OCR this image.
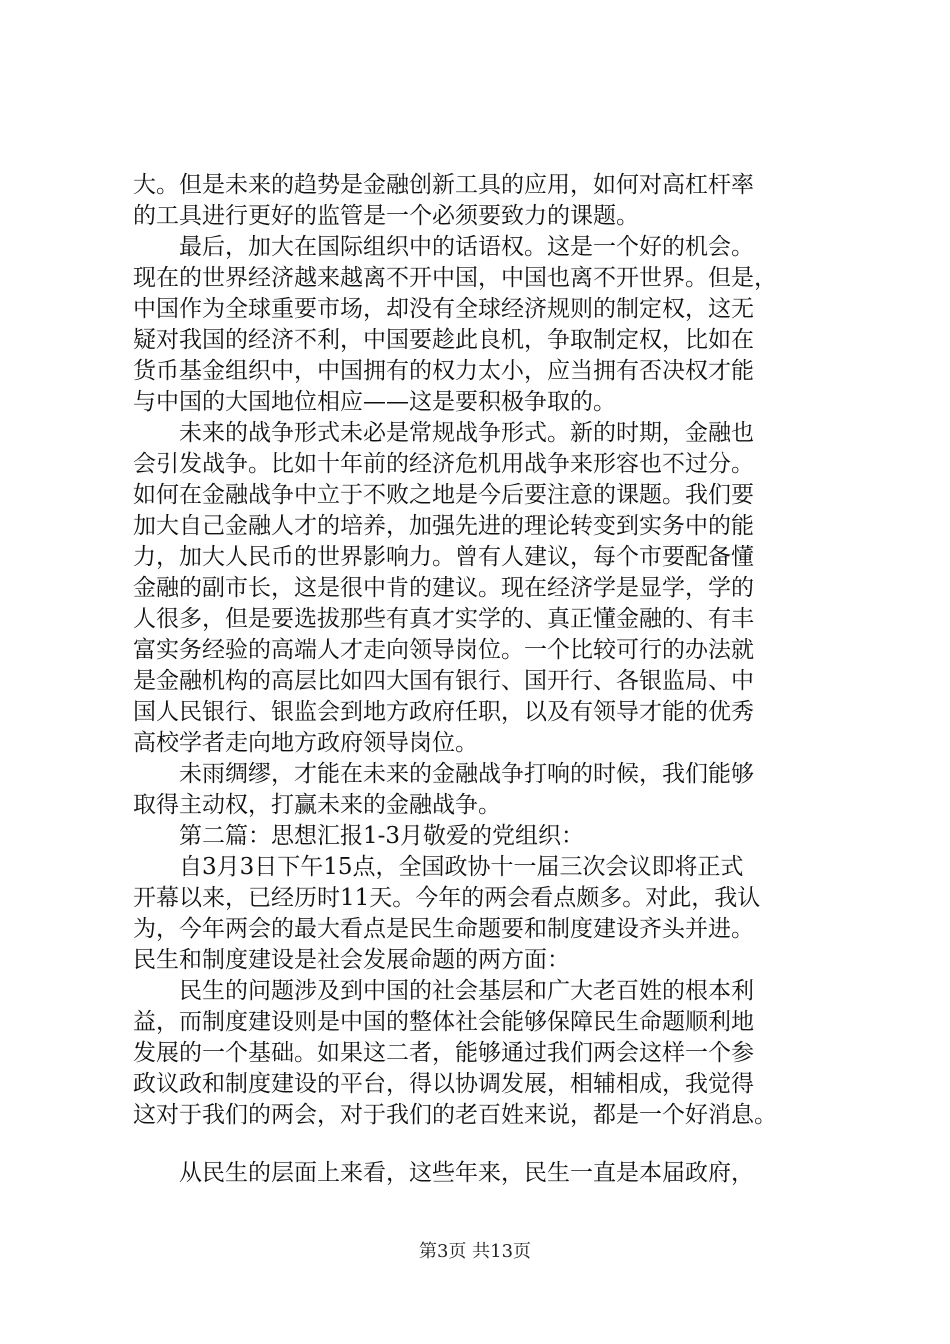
大。但是未来的趋势是金融创新工具的应用，如何对高杠杆率
的工具进行更好的监管是一个必须要致力的课题。
最后，加大在国际组织中的话语权。这是一个好的机会。
现在的世界经济越来越离不开中国，中国也离不开世界。但是，
中国作为全球重要市场，却没有全球经济规则的制定权，这无
疑对我国的经济不利，中国要趁此良机，争取制定权，比如在
货币基金组织中，中国拥有的权力太小，应当拥有否决权才能
与中国的大国地位相应——这是要积极争取的。
未来的战争形式未必是常规战争形式。新的时期，金融也
会引发战争。比如十年前的经济危机用战争来形容也不过分。
如何在金融战争中立于不败之地是今后要注意的课题。我们要
加大自己金融人才的培养，加强先进的理论转变到实务中的能
力，加大人民币的世界影响力。曾有人建议，每个市要配备懂
金融的副市长，这是很中肯的建议。现在经济学是显学，学的
人很多，但是要选拔那些有真才实学的、真正懂金融的、有丰
富实务经验的高端人才走向领导岗位。一个比较可行的办法就
是金融机构的高层比如四大国有银行、国开行、各银监局、中
国人民银行、银监会到地方政府任职，以及有领导才能的优秀
高校学者走向地方政府领导岗位。
未雨绸缪，才能在未来的金融战争打响的时候，我们能够
取得主动权，打赢未来的金融战争。
第二篇：思想汇报1-3月敬爱的党组织：
自3月3日下午15点，全国政协十一届三次会议即将正式
开幕以来，已经历时11天。今年的两会看点颇多。对此，我认
为，今年两会的最大看点是民生命题要和制度建设齐头并进。
民生和制度建设是社会发展命题的两方面：
民生的问题涉及到中国的社会基层和广大老百姓的根本利
益，而制度建设则是中国的整体社会能够保障民生命题顺利地
发展的一个基础。如果这二者，能够通过我们两会这样一个参
政议政和制度建设的平台，得以协调发展，相辅相成，我觉得
这对于我们的两会，对于我们的老百姓来说，都是一个好消息。
从民生的层面上来看，这些年来，民生一直是本届政府，
第3页 共13页
